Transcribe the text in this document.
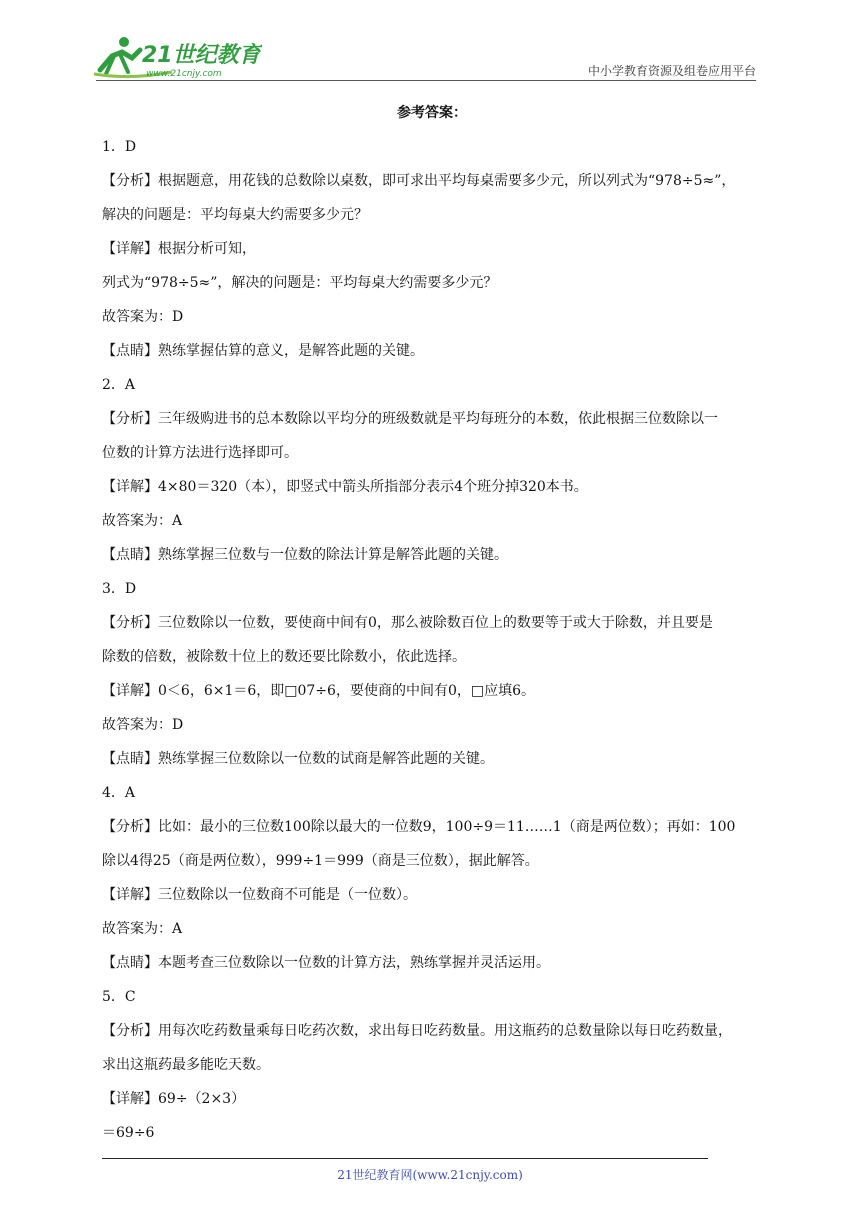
21世纪教育
www.21cnjy.com	中小学教育资源及组卷应用平台
参考答案：
1．D
【分析】根据题意，用花钱的总数除以桌数，即可求出平均每桌需要多少元，所以列式为“978÷5≈”，
解决的问题是：平均每桌大约需要多少元？
【详解】根据分析可知，
列式为“978÷5≈”，解决的问题是：平均每桌大约需要多少元？
故答案为：D
【点睛】熟练掌握估算的意义，是解答此题的关键。
2．A
【分析】三年级购进书的总本数除以平均分的班级数就是平均每班分的本数，依此根据三位数除以一
位数的计算方法进行选择即可。
【详解】4×80＝320（本），即竖式中箭头所指部分表示4个班分掉320本书。
故答案为：A
【点睛】熟练掌握三位数与一位数的除法计算是解答此题的关键。
3．D
【分析】三位数除以一位数，要使商中间有0，那么被除数百位上的数要等于或大于除数，并且要是
除数的倍数，被除数十位上的数还要比除数小，依此选择。
【详解】0＜6，6×1＝6，即□07÷6，要使商的中间有0，□应填6。
故答案为：D
【点睛】熟练掌握三位数除以一位数的试商是解答此题的关键。
4．A
【分析】比如：最小的三位数100除以最大的一位数9，100÷9＝11……1（商是两位数）；再如：100
除以4得25（商是两位数），999÷1＝999（商是三位数），据此解答。
【详解】三位数除以一位数商不可能是（一位数）。
故答案为：A
【点睛】本题考查三位数除以一位数的计算方法，熟练掌握并灵活运用。
5．C
【分析】用每次吃药数量乘每日吃药次数，求出每日吃药数量。用这瓶药的总数量除以每日吃药数量，
求出这瓶药最多能吃天数。
【详解】69÷（2×3）
＝69÷6
21世纪教育网(www.21cnjy.com)
